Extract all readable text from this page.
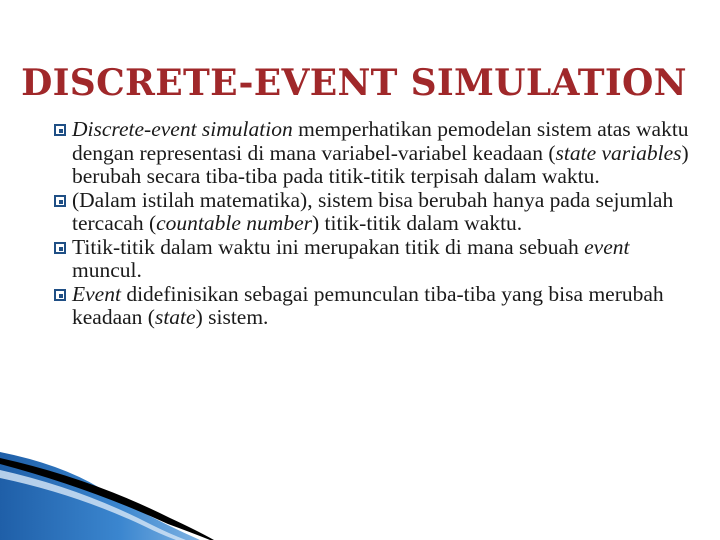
DISCRETE-EVENT SIMULATION
Discrete-event simulation memperhatikan pemodelan sistem atas waktu dengan representasi di mana variabel-variabel keadaan (state variables) berubah secara tiba-tiba pada titik-titik terpisah dalam waktu.
(Dalam istilah matematika), sistem bisa berubah hanya pada sejumlah tercacah (countable number) titik-titik dalam waktu.
Titik-titik dalam waktu ini merupakan titik di mana sebuah event muncul.
Event didefinisikan sebagai pemunculan tiba-tiba yang bisa merubah keadaan (state) sistem.
